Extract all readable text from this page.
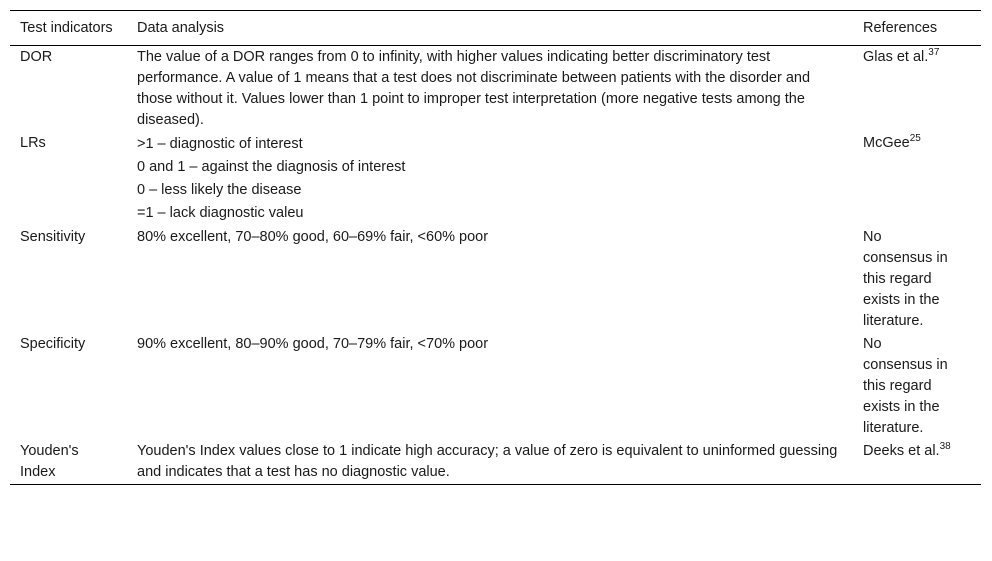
Test indicators	Data analysis	References
DOR	The value of a DOR ranges from 0 to infinity, with higher values indicating better discriminatory test performance. A value of 1 means that a test does not discriminate between patients with the disorder and those without it. Values lower than 1 point to improper test interpretation (more negative tests among the diseased).	Glas et al.$^{37}$
LRs	>1 – diagnostic of interest
0 and 1 – against the diagnosis of interest
0 – less likely the disease
=1 – lack diagnostic valeu	McGee$^{25}$
Sensitivity	80% excellent, 70–80% good, 60–69% fair, <60% poor	No consensus in this regard exists in the literature.
Specificity	90% excellent, 80–90% good, 70–79% fair, <70% poor	No consensus in this regard exists in the literature.
Youden's Index	Youden's Index values close to 1 indicate high accuracy; a value of zero is equivalent to uninformed guessing and indicates that a test has no diagnostic value.	Deeks et al.$^{38}$
